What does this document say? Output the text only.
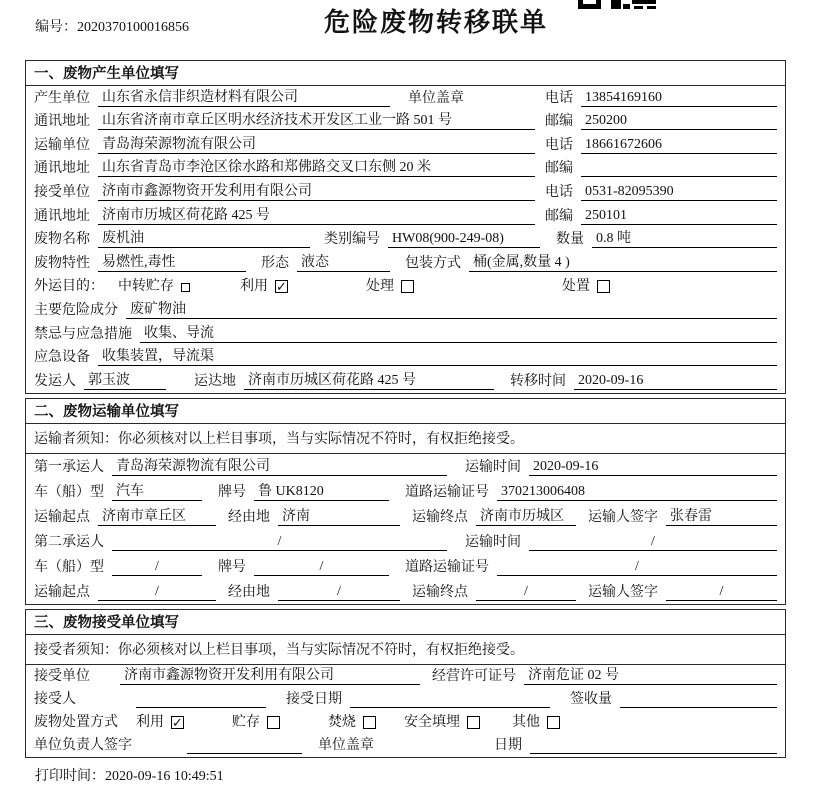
编号：2020370100016856	危险废物转移联单
一、废物产生单位填写
产生单位 山东省永信非织造材料有限公司	单位盖章	电话 13854169160
通讯地址 山东省济南市章丘区明水经济技术开发区工业一路 501 号	邮编 250200
运输单位 青岛海荣源物流有限公司	电话 18661672606
通讯地址 山东省青岛市李沧区徐水路和郑佛路交叉口东侧 20 米	邮编
接受单位 济南市鑫源物资开发利用有限公司	电话 0531-82095390
通讯地址 济南市历城区荷花路 425 号	邮编 250101
废物名称 废机油	类别编号 HW08(900-249-08)	数量 0.8 吨
废物特性 易燃性,毒性	形态 液态	包装方式 桶(金属,数量 4 )
外运目的： 中转贮存	利用 ✓	处理	处置
主要危险成分 废矿物油
禁忌与应急措施 收集、导流
应急设备 收集装置，导流渠
发运人 郭玉波	运达地 济南市历城区荷花路 425 号	转移时间 2020-09-16
二、废物运输单位填写
运输者须知：你必须核对以上栏目事项，当与实际情况不符时，有权拒绝接受。
第一承运人 青岛海荣源物流有限公司	运输时间 2020-09-16
车（船）型 汽车	牌号 鲁 UK8120	道路运输证号 370213006408
运输起点 济南市章丘区	经由地 济南	运输终点 济南市历城区	运输人签字 张春雷
第二承运人	/	运输时间	/
车（船）型	/	牌号	/	道路运输证号	/
运输起点	/	经由地	/	运输终点	/	运输人签字	/
三、废物接受单位填写
接受者须知：你必须核对以上栏目事项，当与实际情况不符时，有权拒绝接受。
接受单位 济南市鑫源物资开发利用有限公司	经营许可证号 济南危证 02 号
接受人	接受日期	签收量
废物处置方式 利用 ✓	贮存	焚烧	安全填埋	其他
单位负责人签字	单位盖章	日期
打印时间：2020-09-16 10:49:51
